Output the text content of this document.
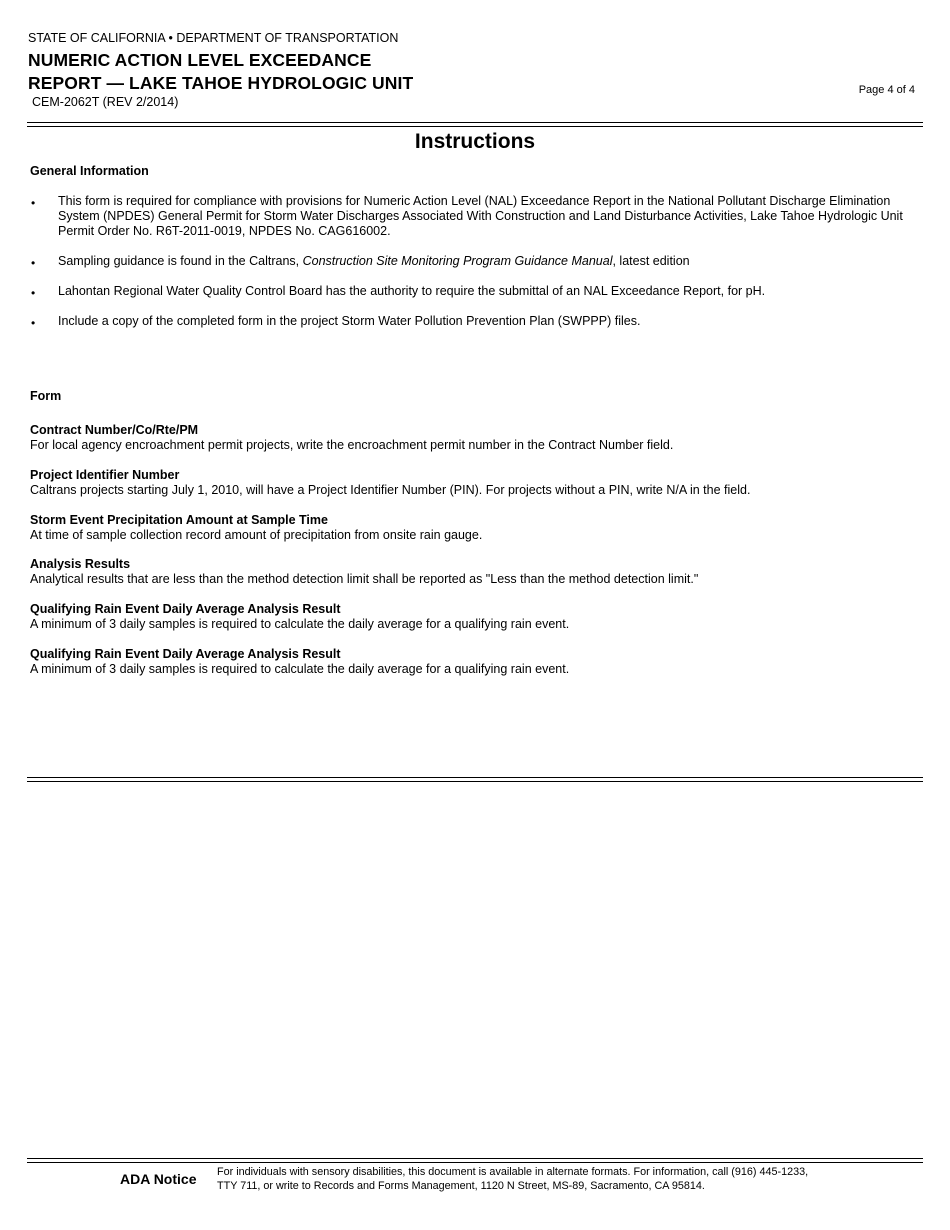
STATE OF CALIFORNIA • DEPARTMENT OF TRANSPORTATION
NUMERIC ACTION LEVEL EXCEEDANCE
REPORT — LAKE TAHOE HYDROLOGIC UNIT
CEM-2062T (REV 2/2014)
Page 4 of 4
Instructions
General Information
• This form is required for compliance with provisions for Numeric Action Level (NAL) Exceedance Report in the National Pollutant Discharge Elimination System (NPDES) General Permit for Storm Water Discharges Associated With Construction and Land Disturbance Activities, Lake Tahoe Hydrologic Unit Permit Order No. R6T-2011-0019, NPDES No. CAG616002.
• Sampling guidance is found in the Caltrans, Construction Site Monitoring Program Guidance Manual, latest edition
• Lahontan Regional Water Quality Control Board has the authority to require the submittal of an NAL Exceedance Report, for pH.
• Include a copy of the completed form in the project Storm Water Pollution Prevention Plan (SWPPP) files.
Form
Contract Number/Co/Rte/PM
For local agency encroachment permit projects, write the encroachment permit number in the Contract Number field.
Project Identifier Number
Caltrans projects starting July 1, 2010, will have a Project Identifier Number (PIN). For projects without a PIN, write N/A in the field.
Storm Event Precipitation Amount at Sample Time
At time of sample collection record amount of precipitation from onsite rain gauge.
Analysis Results
Analytical results that are less than the method detection limit shall be reported as "Less than the method detection limit."
Qualifying Rain Event Daily Average Analysis Result
A minimum of 3 daily samples is required to calculate the daily average for a qualifying rain event.
Qualifying Rain Event Daily Average Analysis Result
A minimum of 3 daily samples is required to calculate the daily average for a qualifying rain event.
ADA Notice For individuals with sensory disabilities, this document is available in alternate formats. For information, call (916) 445-1233,
TTY 711, or write to Records and Forms Management, 1120 N Street, MS-89, Sacramento, CA 95814.
